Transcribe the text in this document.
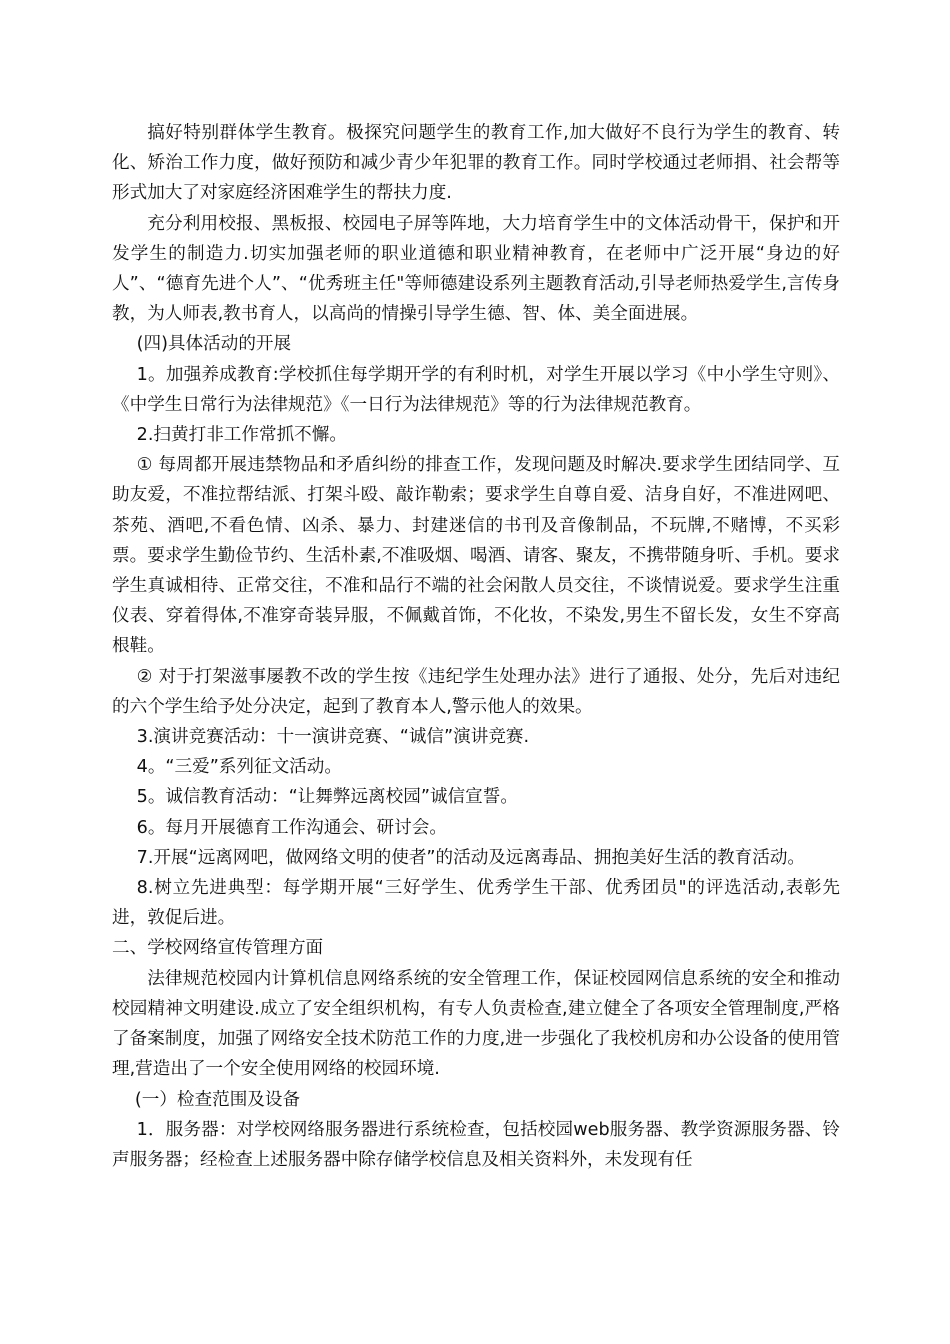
搞好特别群体学生教育。极探究问题学生的教育工作,加大做好不良行为学生的教育、转化、矫治工作力度，做好预防和减少青少年犯罪的教育工作。同时学校通过老师捐、社会帮等形式加大了对家庭经济困难学生的帮扶力度.

充分利用校报、黑板报、校园电子屏等阵地，大力培育学生中的文体活动骨干，保护和开发学生的制造力.切实加强老师的职业道德和职业精神教育，在老师中广泛开展“身边的好人”、“德育先进个人”、“优秀班主任"等师德建设系列主题教育活动,引导老师热爱学生,言传身教，为人师表,教书育人，以高尚的情操引导学生德、智、体、美全面进展。

(四)具体活动的开展

1。加强养成教育:学校抓住每学期开学的有利时机，对学生开展以学习《中小学生守则》、《中学生日常行为法律规范》《一日行为法律规范》等的行为法律规范教育。

2.扫黄打非工作常抓不懈。

① 每周都开展违禁物品和矛盾纠纷的排查工作，发现问题及时解决.要求学生团结同学、互助友爱，不准拉帮结派、打架斗殴、敲诈勒索；要求学生自尊自爱、洁身自好，不准进网吧、茶苑、酒吧,不看色情、凶杀、暴力、封建迷信的书刊及音像制品，不玩牌,不赌博，不买彩票。要求学生勤俭节约、生活朴素,不准吸烟、喝酒、请客、聚友，不携带随身听、手机。要求学生真诚相待、正常交往，不准和品行不端的社会闲散人员交往，不谈情说爱。要求学生注重仪表、穿着得体,不准穿奇装异服，不佩戴首饰，不化妆，不染发,男生不留长发，女生不穿高根鞋。

② 对于打架滋事屡教不改的学生按《违纪学生处理办法》进行了通报、处分，先后对违纪的六个学生给予处分决定，起到了教育本人,警示他人的效果。

3.演讲竞赛活动：十一演讲竞赛、“诚信”演讲竞赛.

4。“三爱”系列征文活动。

5。诚信教育活动：“让舞弊远离校园”诚信宣誓。

6。每月开展德育工作沟通会、研讨会。

7.开展“远离网吧，做网络文明的使者”的活动及远离毒品、拥抱美好生活的教育活动。

8.树立先进典型：每学期开展“三好学生、优秀学生干部、优秀团员"的评选活动,表彰先进，敦促后进。

二、学校网络宣传管理方面

法律规范校园内计算机信息网络系统的安全管理工作，保证校园网信息系统的安全和推动校园精神文明建设.成立了安全组织机构，有专人负责检查,建立健全了各项安全管理制度,严格了备案制度，加强了网络安全技术防范工作的力度,进一步强化了我校机房和办公设备的使用管理,营造出了一个安全使用网络的校园环境.

(一）检查范围及设备

1．服务器：对学校网络服务器进行系统检查，包括校园web服务器、教学资源服务器、铃声服务器；经检查上述服务器中除存储学校信息及相关资料外，未发现有任
